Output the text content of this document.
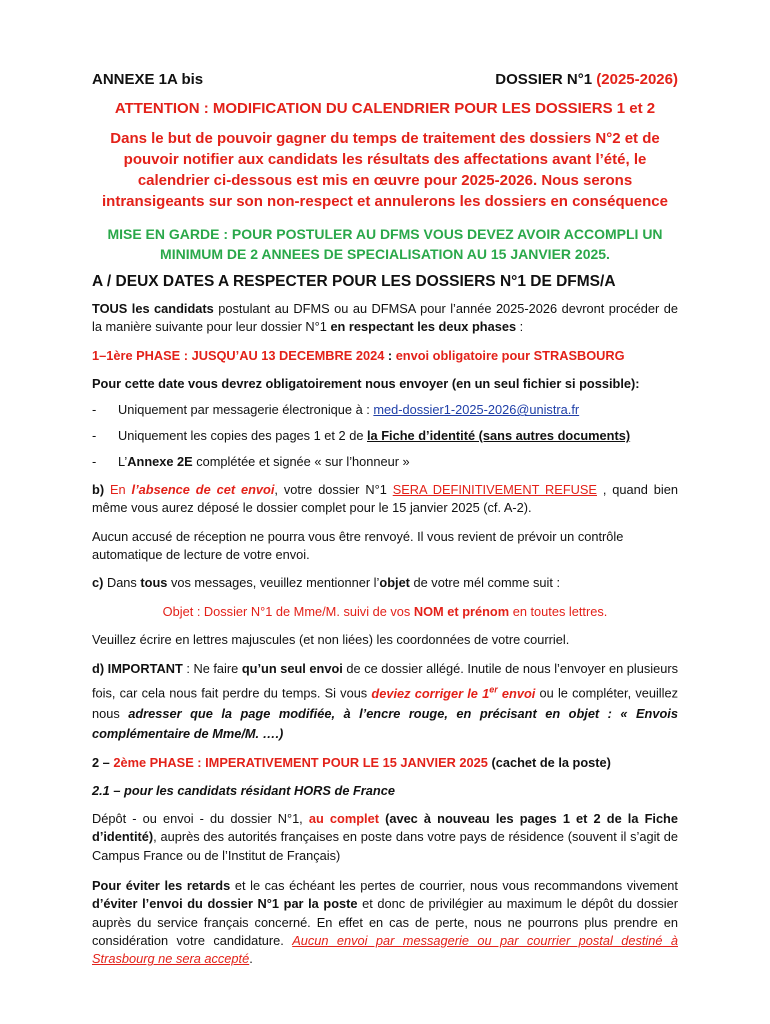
ANNEXE 1A bis	DOSSIER N°1 (2025-2026)
ATTENTION : MODIFICATION DU CALENDRIER POUR LES DOSSIERS 1 et 2
Dans le but de pouvoir gagner du temps de traitement des dossiers N°2 et de pouvoir notifier aux candidats les résultats des affectations avant l’été, le calendrier ci-dessous est mis en œuvre pour 2025-2026. Nous serons intransigeants sur son non-respect et annulerons les dossiers en conséquence
MISE EN GARDE : POUR POSTULER AU DFMS VOUS DEVEZ AVOIR ACCOMPLI UN MINIMUM DE 2 ANNEES DE SPECIALISATION AU 15 JANVIER 2025.
A / DEUX DATES A RESPECTER POUR LES DOSSIERS N°1 DE DFMS/A

TOUS les candidats postulant au DFMS ou au DFMSA pour l’année 2025-2026 devront procéder de la manière suivante pour leur dossier N°1 en respectant les deux phases :

1–1ère PHASE : JUSQU’AU 13 DECEMBRE 2024 : envoi obligatoire pour STRASBOURG

Pour cette date vous devrez obligatoirement nous envoyer (en un seul fichier si possible):

-	Uniquement par messagerie électronique à : med-dossier1-2025-2026@unistra.fr
-	Uniquement les copies des pages 1 et 2 de la Fiche d’identité (sans autres documents)
-	L’Annexe 2E complétée et signée « sur l’honneur »

b) En l’absence de cet envoi, votre dossier N°1 SERA DEFINITIVEMENT REFUSE , quand bien même vous aurez déposé le dossier complet pour le 15 janvier 2025 (cf. A-2).

Aucun accusé de réception ne pourra vous être renvoyé. Il vous revient de prévoir un contrôle automatique de lecture de votre envoi.

c) Dans tous vos messages, veuillez mentionner l’objet de votre mél comme suit :

Objet : Dossier N°1 de Mme/M. suivi de vos NOM et prénom en toutes lettres.

Veuillez écrire en lettres majuscules (et non liées) les coordonnées de votre courriel.

d) IMPORTANT : Ne faire qu’un seul envoi de ce dossier allégé. Inutile de nous l’envoyer en plusieurs fois, car cela nous fait perdre du temps. Si vous deviez corriger le 1er envoi ou le compléter, veuillez nous adresser que la page modifiée, à l’encre rouge, en précisant en objet : « Envois complémentaire de Mme/M. ….)

2 – 2ème PHASE : IMPERATIVEMENT POUR LE 15 JANVIER 2025 (cachet de la poste)

2.1 – pour les candidats résidant HORS de France

Dépôt - ou envoi - du dossier N°1, au complet (avec à nouveau les pages 1 et 2 de la Fiche d’identité), auprès des autorités françaises en poste dans votre pays de résidence (souvent il s’agit de Campus France ou de l’Institut de Français)

Pour éviter les retards et le cas échéant les pertes de courrier, nous vous recommandons vivement d’éviter l’envoi du dossier N°1 par la poste et donc de privilégier au maximum le dépôt du dossier auprès du service français concerné. En effet en cas de perte, nous ne pourrons plus prendre en considération votre candidature. Aucun envoi par messagerie ou par courrier postal destiné à Strasbourg ne sera accepté.
